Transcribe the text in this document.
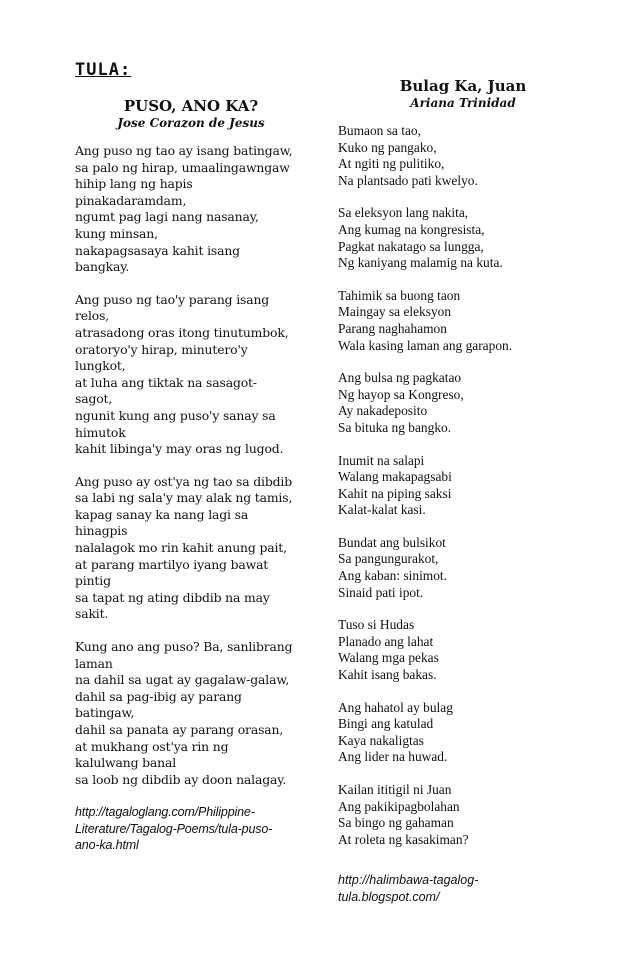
TULA:
PUSO, ANO KA?
Jose Corazon de Jesus
Ang puso ng tao ay isang batingaw,
sa palo ng hirap, umaalingawngaw
hihip lang ng hapis
pinakadaramdam,
ngumt pag lagi nang nasanay,
kung minsan,
nakapagsasaya kahit isang
bangkay.
Ang puso ng tao'y parang isang
relos,
atrasadong oras itong tinutumbok,
oratoryo'y hirap, minutero'y
lungkot,
at luha ang tiktak na sasagot-
sagot,
ngunit kung ang puso'y sanay sa
himutok
kahit libinga'y may oras ng lugod.
Ang puso ay ost'ya ng tao sa dibdib
sa labi ng sala'y may alak ng tamis,
kapag sanay ka nang lagi sa
hinagpis
nalalagok mo rin kahit anung pait,
at parang martilyo iyang bawat
pintig
sa tapat ng ating dibdib na may
sakit.
Kung ano ang puso? Ba, sanlibrang
laman
na dahil sa ugat ay gagalaw-galaw,
dahil sa pag-ibig ay parang
batingaw,
dahil sa panata ay parang orasan,
at mukhang ost'ya rin ng
kalulwang banal
sa loob ng dibdib ay doon nalagay.
http://tagaloglang.com/Philippine-
Literature/Tagalog-Poems/tula-puso-
ano-ka.html
Bulag Ka, Juan
Ariana Trinidad
Bumaon sa tao,
Kuko ng pangako,
At ngiti ng pulitiko,
Na plantsado pati kwelyo.
Sa eleksyon lang nakita,
Ang kumag na kongresista,
Pagkat nakatago sa lungga,
Ng kaniyang malamig na kuta.
Tahimik sa buong taon
Maingay sa eleksyon
Parang naghahamon
Wala kasing laman ang garapon.
Ang bulsa ng pagkatao
Ng hayop sa Kongreso,
Ay nakadeposito
Sa bituka ng bangko.
Inumit na salapi
Walang makapagsabi
Kahit na piping saksi
Kalat-kalat kasi.
Bundat ang bulsikot
Sa pangungurakot,
Ang kaban: sinimot.
Sinaid pati ipot.
Tuso si Hudas
Planado ang lahat
Walang mga pekas
Kahit isang bakas.
Ang hahatol ay bulag
Bingi ang katulad
Kaya nakaligtas
Ang lider na huwad.
Kailan ititigil ni Juan
Ang pakikipagbolahan
Sa bingo ng gahaman
At roleta ng kasakiman?
http://halimbawa-tagalog-
tula.blogspot.com/
